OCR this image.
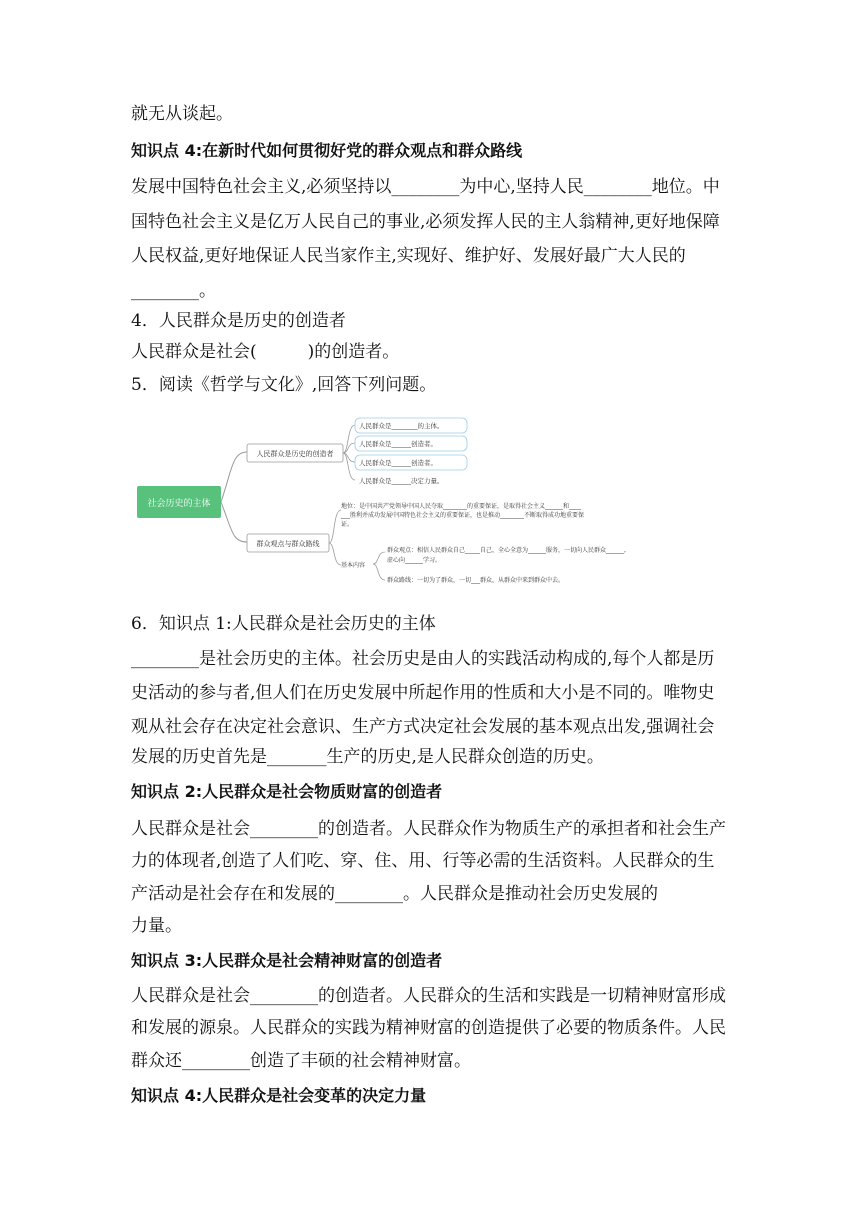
就无从谈起。
知识点 4:在新时代如何贯彻好党的群众观点和群众路线
发展中国特色社会主义,必须坚持以________为中心,坚持人民________地位。中
国特色社会主义是亿万人民自己的事业,必须发挥人民的主人翁精神,更好地保障
人民权益,更好地保证人民当家作主,实现好、维护好、发展好最广大人民的
________。
4．人民群众是历史的创造者
人民群众是社会(　　　)的创造者。
5．阅读《哲学与文化》,回答下列问题。
社会历史的主体
人民群众是历史的创造者
人民群众是________的主体。
人民群众是______创造者。
人民群众是______创造者。
人民群众是______决定力量。
群众观点与群众路线
地位：是中国共产党领导中国人民夺取________的重要保证，是取得社会主义______和____
___胜利并成功发展中国特色社会主义的重要保证，也是推动________不断取得成功地重要保
证。
基本内容
群众观点：相信人民群众自己_____自己，全心全意为______服务，一切向人民群众______,
虚心向______学习。
群众路线：一切为了群众，一切___群众，从群众中来到群众中去。
6．知识点 1:人民群众是社会历史的主体
________是社会历史的主体。社会历史是由人的实践活动构成的,每个人都是历
史活动的参与者,但人们在历史发展中所起作用的性质和大小是不同的。唯物史
观从社会存在决定社会意识、生产方式决定社会发展的基本观点出发,强调社会
发展的历史首先是_______生产的历史,是人民群众创造的历史。
知识点 2:人民群众是社会物质财富的创造者
人民群众是社会________的创造者。人民群众作为物质生产的承担者和社会生产
力的体现者,创造了人们吃、穿、住、用、行等必需的生活资料。人民群众的生
产活动是社会存在和发展的________。人民群众是推动社会历史发展的
力量。
知识点 3:人民群众是社会精神财富的创造者
人民群众是社会________的创造者。人民群众的生活和实践是一切精神财富形成
和发展的源泉。人民群众的实践为精神财富的创造提供了必要的物质条件。人民
群众还________创造了丰硕的社会精神财富。
知识点 4:人民群众是社会变革的决定力量
